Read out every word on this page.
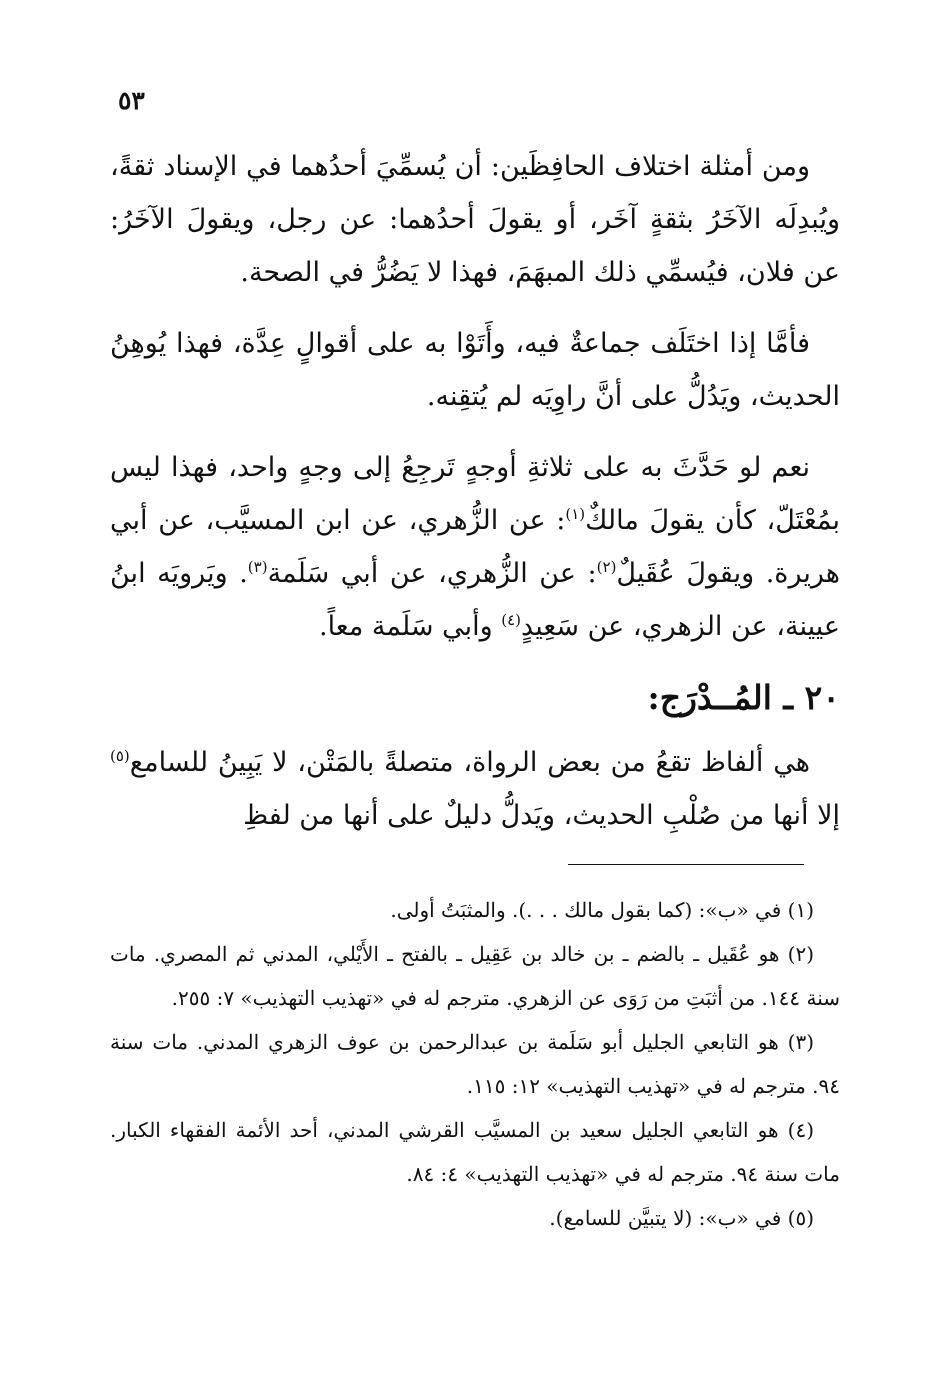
٥٣

ومن أمثلة اختلاف الحافِظَين: أن يُسمِّيَ أحدُهما في الإسناد ثقةً، ويُبدِلَه الآخَرُ بثقةٍ آخَر، أو يقولَ أحدُهما: عن رجل، ويقولَ الآخَرُ: عن فلان، فيُسمِّي ذلك المبهَمَ، فهذا لا يَضُرُّ في الصحة.

فأمَّا إذا اختَلَف جماعةٌ فيه، وأَتَوْا به على أقوالٍ عِدَّة، فهذا يُوهِنُ الحديث، ويَدُلُّ على أنَّ راوِيَه لم يُتقِنه.

نعم لو حَدَّثَ به على ثلاثةِ أوجهٍ تَرجِعُ إلى وجهٍ واحد، فهذا ليس بمُعْتَلّ، كأن يقولَ مالكٌ$^{(١)}$: عن الزُّهري، عن ابن المسيَّب، عن أبي هريرة. ويقولَ عُقَيلٌ$^{(٢)}$: عن الزُّهري، عن أبي سَلَمة$^{(٣)}$. ويَرويَه ابنُ عيينة، عن الزهري، عن سَعِيدٍ$^{(٤)}$ وأبي سَلَمة معاً.

٢٠ ـ المُــدْرَج:

هي ألفاظ تقعُ من بعض الرواة، متصلةً بالمَتْن، لا يَبِينُ للسامع$^{(٥)}$ إلا أنها من صُلْبِ الحديث، ويَدلُّ دليلٌ على أنها من لفظِ

(١) في «ب»: (كما بقول مالك . . .). والمثبَتُ أولى.

(٢) هو عُقَيل ـ بالضم ـ بن خالد بن عَقِيل ـ بالفتح ـ الأَيْلي، المدني ثم المصري. مات سنة ١٤٤. من أثبَتِ من رَوَى عن الزهري. مترجم له في «تهذيب التهذيب» ٧: ٢٥٥.

(٣) هو التابعي الجليل أبو سَلَمة بن عبدالرحمن بن عوف الزهري المدني. مات سنة ٩٤. مترجم له في «تهذيب التهذيب» ١٢: ١١٥.

(٤) هو التابعي الجليل سعيد بن المسيَّب القرشي المدني، أحد الأئمة الفقهاء الكبار. مات سنة ٩٤. مترجم له في «تهذيب التهذيب» ٤: ٨٤.

(٥) في «ب»: (لا يتبيَّن للسامع).
